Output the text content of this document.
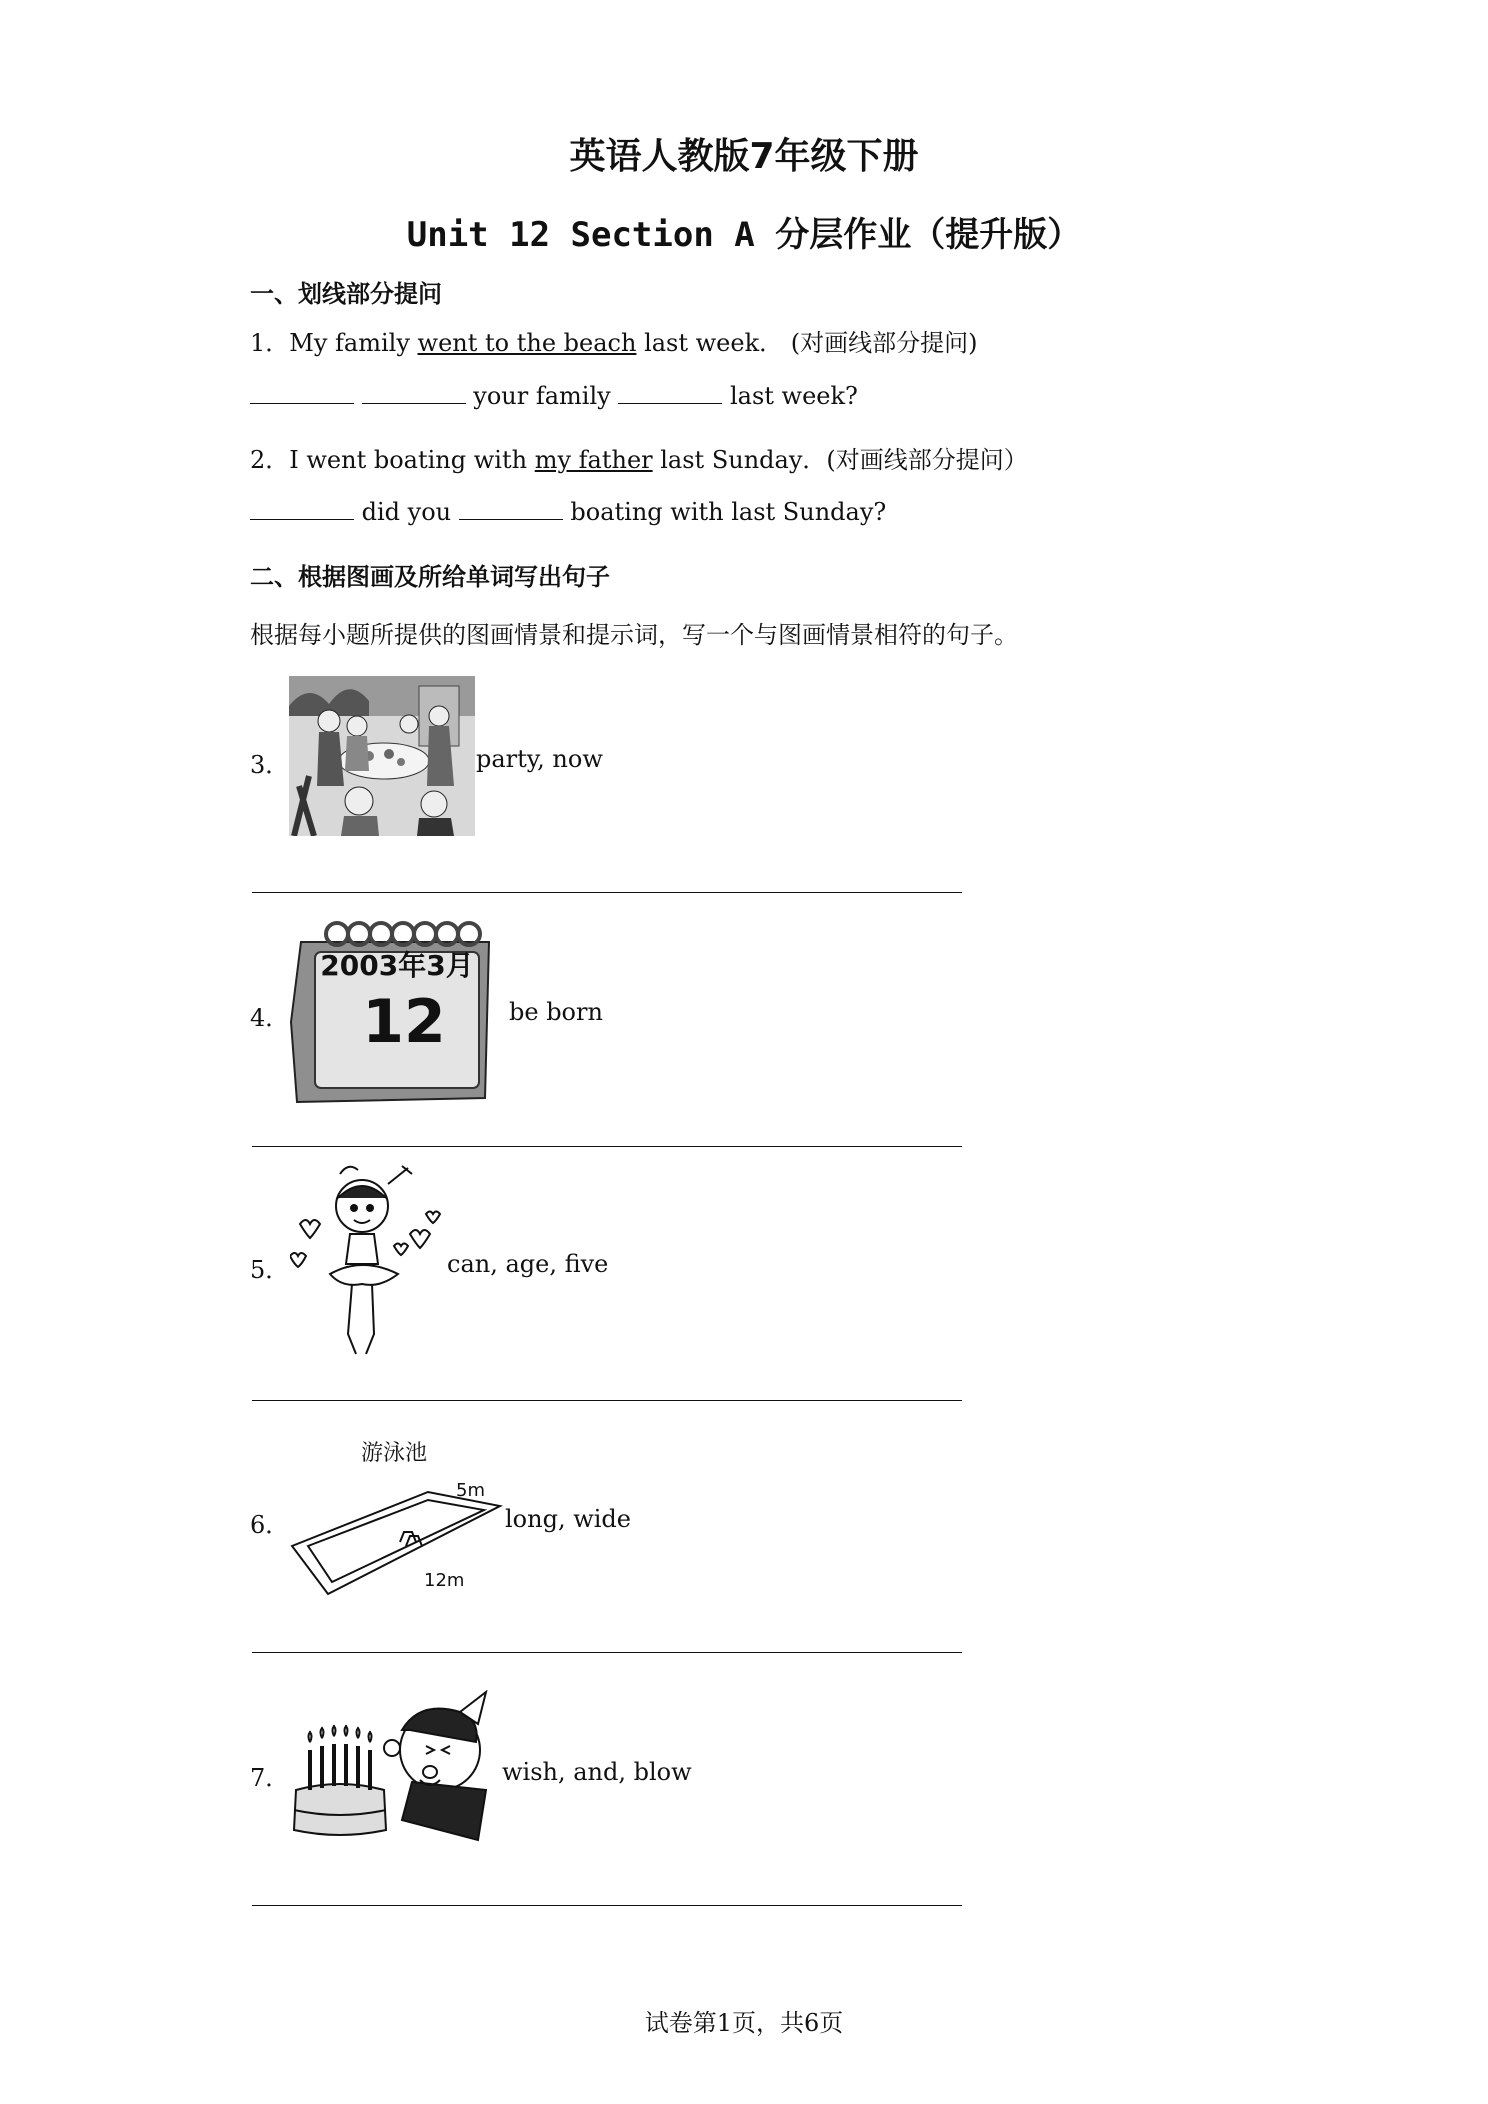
英语人教版7年级下册
Unit 12 Section A 分层作业（提升版）
一、划线部分提问
1．My family went to the beach last week． (对画线部分提问)
your family	last week?
2．I went boating with my father last Sunday．(对画线部分提问）
did you	boating with last Sunday?
二、根据图画及所给单词写出句子
根据每小题所提供的图画情景和提示词，写一个与图画情景相符的句子。
3．	party, now
4．
2003年3月
12	be born
5．	can, age, five
游泳池
6．
5m
12m
long, wide
7．	wish, and, blow
试卷第1页，共6页
